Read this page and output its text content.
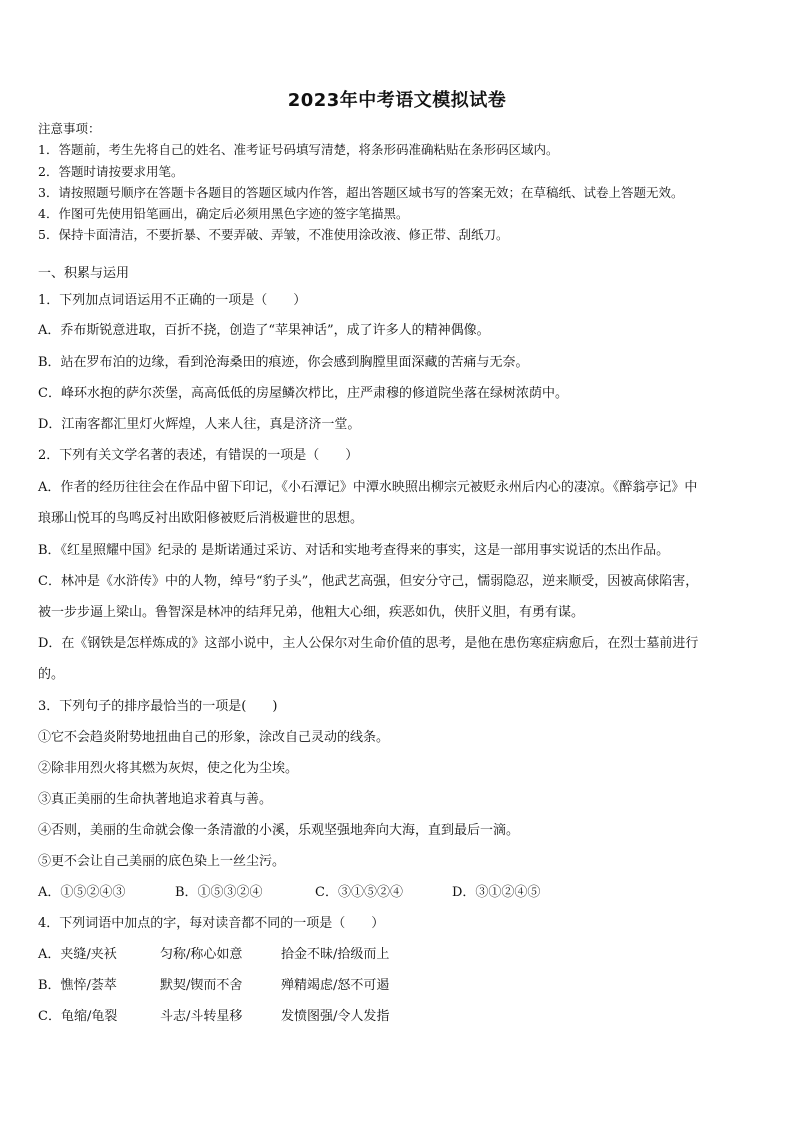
2023年中考语文模拟试卷
注意事项：
1．答题前，考生先将自己的姓名、准考证号码填写清楚，将条形码准确粘贴在条形码区域内。
2．答题时请按要求用笔。
3．请按照题号顺序在答题卡各题目的答题区域内作答，超出答题区域书写的答案无效；在草稿纸、试卷上答题无效。
4．作图可先使用铅笔画出，确定后必须用黑色字迹的签字笔描黑。
5．保持卡面清洁，不要折暴、不要弄破、弄皱，不准使用涂改液、修正带、刮纸刀。
一、积累与运用
1．下列加点词语运用不正确的一项是（　　）
A．乔布斯锐意进取，百折不挠，创造了“苹果神话”，成了许多人的精神偶像。
B．站在罗布泊的边缘，看到沧海桑田的痕迹，你会感到胸膛里面深藏的苦痛与无奈。
C．峰环水抱的萨尔茨堡，高高低低的房屋鳞次栉比，庄严肃穆的修道院坐落在绿树浓荫中。
D．江南客都汇里灯火辉煌，人来人往，真是济济一堂。
2．下列有关文学名著的表述，有错误的一项是（　　）
A．作者的经历往往会在作品中留下印记，《小石潭记》中潭水映照出柳宗元被贬永州后内心的凄凉。《醉翁亭记》中
琅琊山悦耳的鸟鸣反衬出欧阳修被贬后消极避世的思想。
B．《红星照耀中国》纪录的 是斯诺通过采访、对话和实地考查得来的事实，这是一部用事实说话的杰出作品。
C．林冲是《水浒传》中的人物，绰号“豹子头”，他武艺高强，但安分守己，懦弱隐忍，逆来顺受，因被高俅陷害，
被一步步逼上梁山。鲁智深是林冲的结拜兄弟，他粗大心细，疾恶如仇，侠肝义胆，有勇有谋。
D．在《钢铁是怎样炼成的》这部小说中，主人公保尔对生命价值的思考，是他在患伤寒症病愈后，在烈士墓前进行
的。
3．下列句子的排序最恰当的一项是(　　)
①它不会趋炎附势地扭曲自己的形象，涂改自己灵动的线条。
②除非用烈火将其燃为灰烬，使之化为尘埃。
③真正美丽的生命执著地追求着真与善。
④否则，美丽的生命就会像一条清澈的小溪，乐观坚强地奔向大海，直到最后一滴。
⑤更不会让自己美丽的底色染上一丝尘污。
A．①⑤②④③	B．①⑤③②④	C．③①⑤②④	D．③①②④⑤
4．下列词语中加点的字，每对读音都不同的一项是（　　）
A．夹缝/夹袄	匀称/称心如意	拾金不昧/拾级而上
B．憔悴/荟萃	默契/锲而不舍	殚精竭虑/怒不可遏
C．龟缩/龟裂	斗志/斗转星移	发愤图强/令人发指
